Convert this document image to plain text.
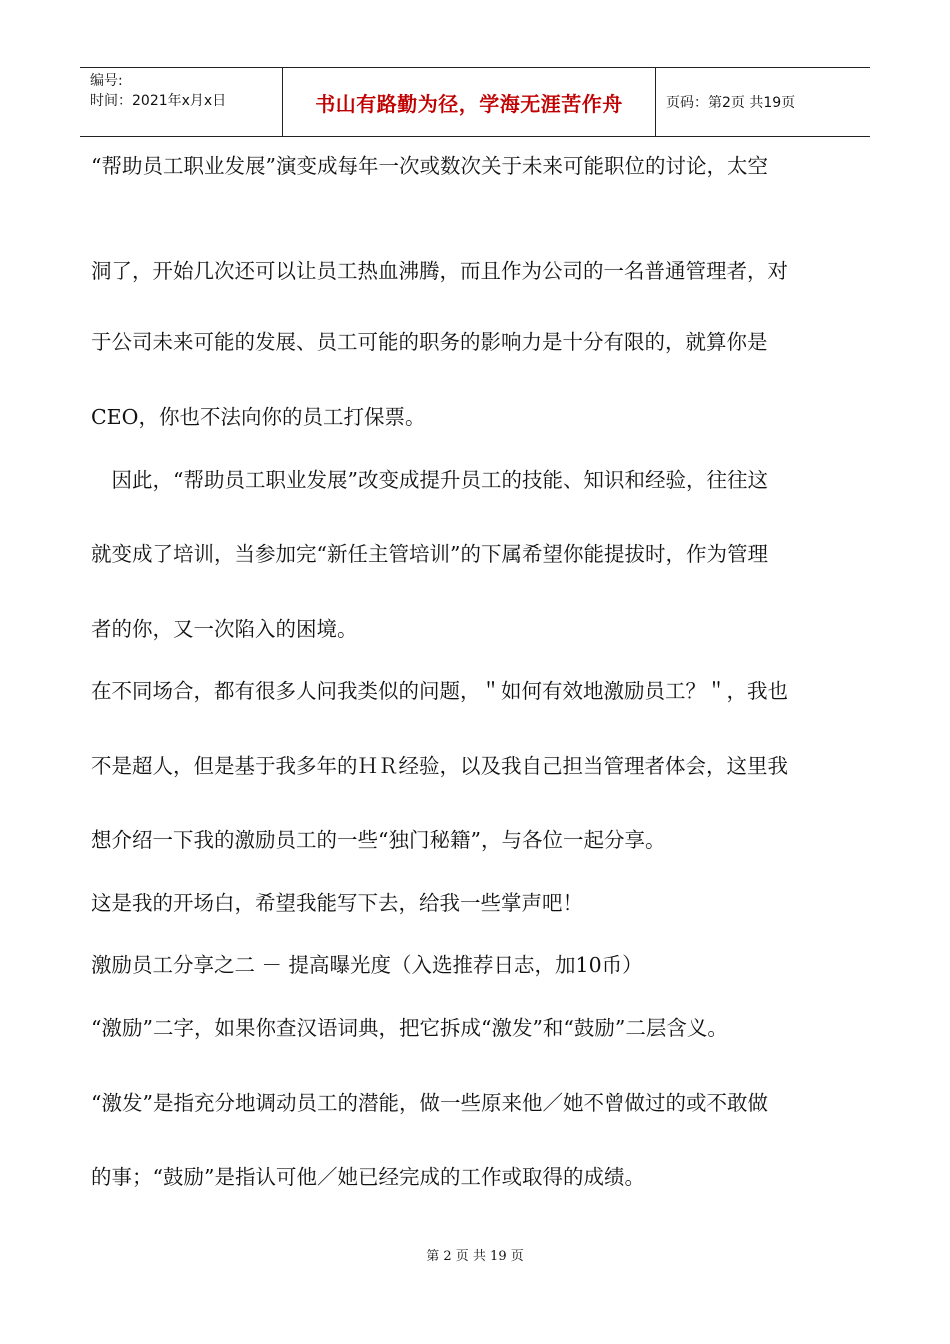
编号:
时间：2021年x月x日	书山有路勤为径，学海无涯苦作舟	页码：第2页 共19页
“帮助员工职业发展”演变成每年一次或数次关于未来可能职位的讨论，太空
洞了，开始几次还可以让员工热血沸腾，而且作为公司的一名普通管理者，对
于公司未来可能的发展、员工可能的职务的影响力是十分有限的，就算你是
CEO，你也不法向你的员工打保票。
　因此，“帮助员工职业发展”改变成提升员工的技能、知识和经验，往往这
就变成了培训，当参加完“新任主管培训”的下属希望你能提拔时，作为管理
者的你，又一次陷入的困境。
在不同场合，都有很多人问我类似的问题，＂如何有效地激励员工？＂，我也
不是超人，但是基于我多年的ＨＲ经验，以及我自己担当管理者体会，这里我
想介绍一下我的激励员工的一些“独门秘籍”，与各位一起分享。
这是我的开场白，希望我能写下去，给我一些掌声吧！
激励员工分享之二 － 提高曝光度（入选推荐日志，加10币）
“激励”二字，如果你查汉语词典，把它拆成“激发”和“鼓励”二层含义。
“激发”是指充分地调动员工的潜能，做一些原来他／她不曾做过的或不敢做
的事；“鼓励”是指认可他／她已经完成的工作或取得的成绩。
第 2 页 共 19 页
